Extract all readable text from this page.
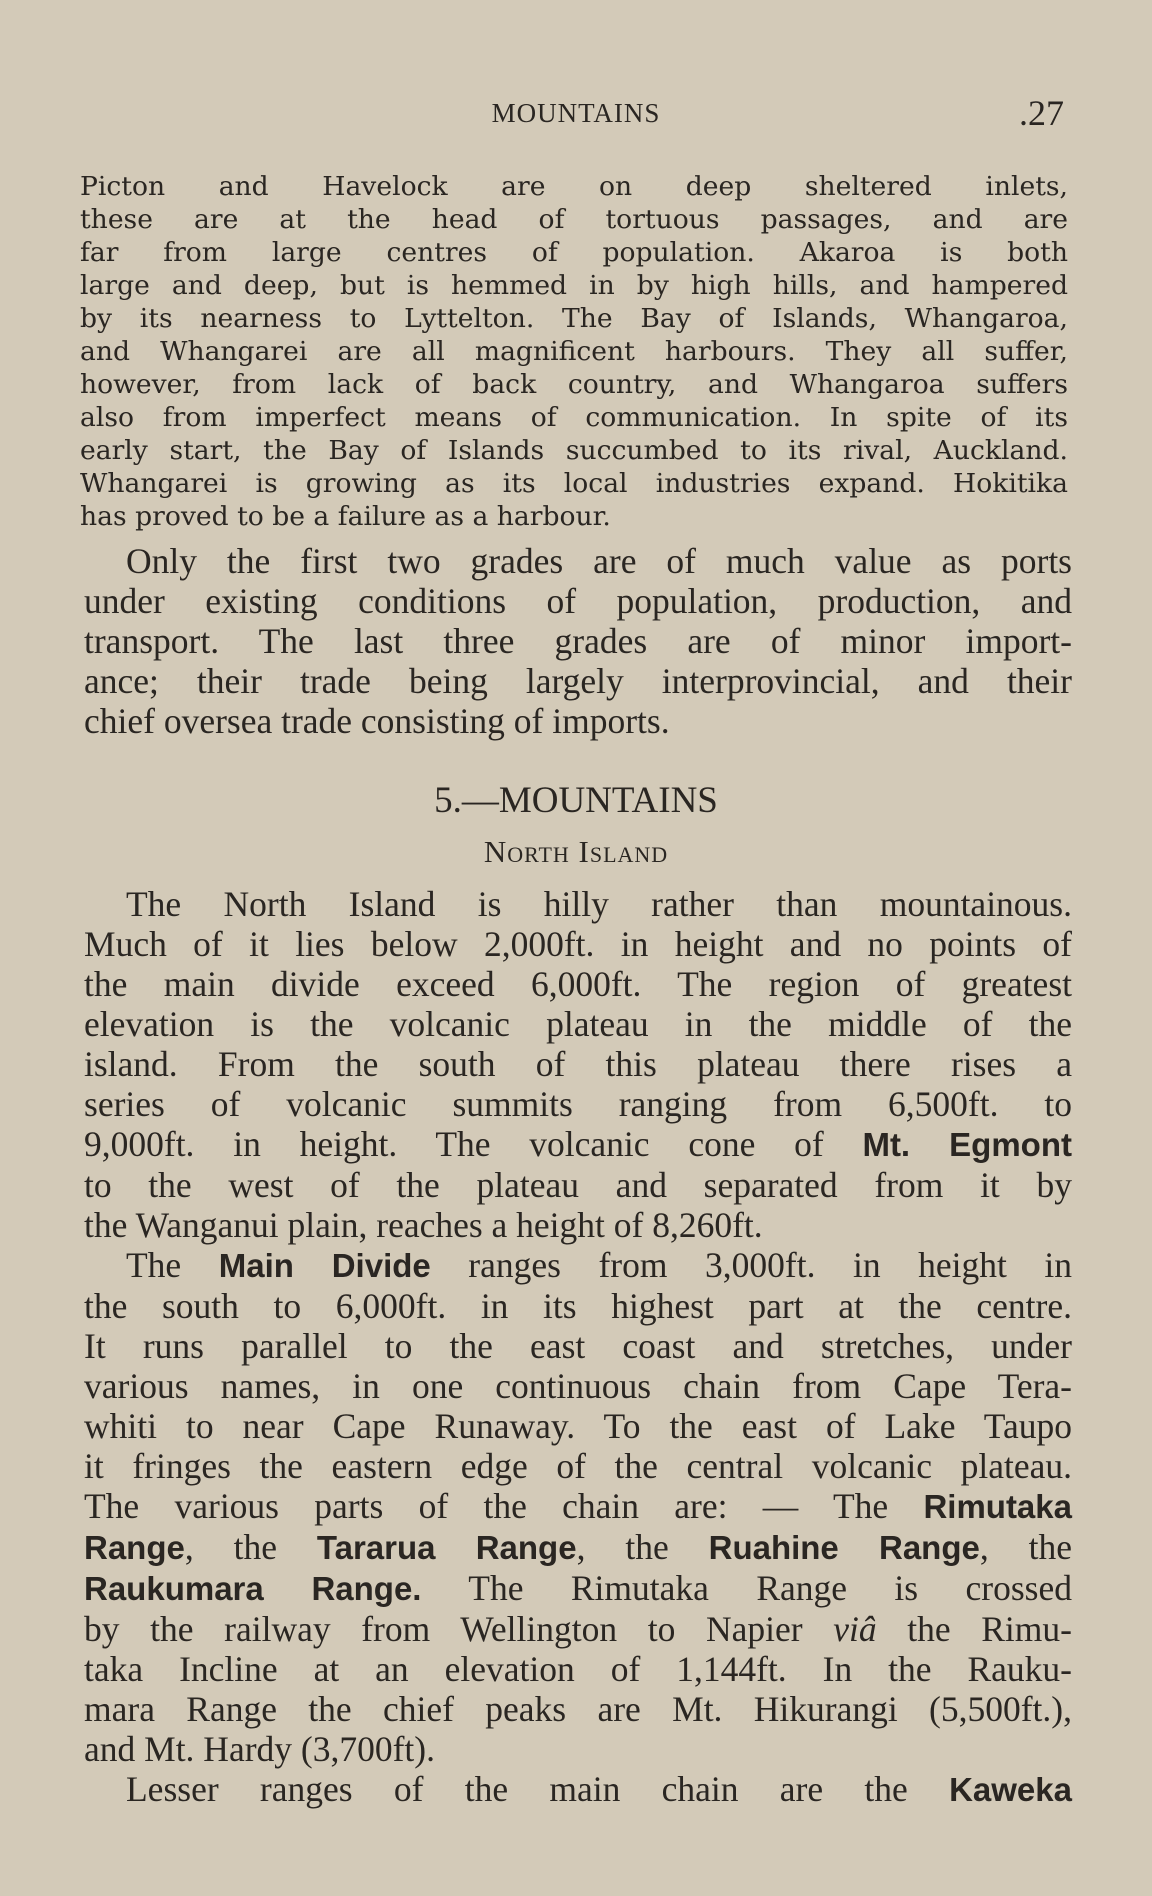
MOUNTAINS	.27
Picton and Havelock are on deep sheltered inlets,
these are at the head of tortuous passages, and are
far from large centres of population. Akaroa is both
large and deep, but is hemmed in by high hills, and hampered
by its nearness to Lyttelton. The Bay of Islands, Whangaroa,
and Whangarei are all magnificent harbours. They all suffer,
however, from lack of back country, and Whangaroa suffers
also from imperfect means of communication. In spite of its
early start, the Bay of Islands succumbed to its rival, Auckland.
Whangarei is growing as its local industries expand. Hokitika
has proved to be a failure as a harbour.
Only the first two grades are of much value as ports
under existing conditions of population, production, and
transport. The last three grades are of minor import-
ance; their trade being largely interprovincial, and their
chief oversea trade consisting of imports.
5.—MOUNTAINS
North Island
The North Island is hilly rather than mountainous.
Much of it lies below 2,000ft. in height and no points of
the main divide exceed 6,000ft. The region of greatest
elevation is the volcanic plateau in the middle of the
island. From the south of this plateau there rises a
series of volcanic summits ranging from 6,500ft. to
9,000ft. in height. The volcanic cone of Mt. Egmont
to the west of the plateau and separated from it by
the Wanganui plain, reaches a height of 8,260ft.
The Main Divide ranges from 3,000ft. in height in
the south to 6,000ft. in its highest part at the centre.
It runs parallel to the east coast and stretches, under
various names, in one continuous chain from Cape Tera-
whiti to near Cape Runaway. To the east of Lake Taupo
it fringes the eastern edge of the central volcanic plateau.
The various parts of the chain are: — The Rimutaka
Range, the Tararua Range, the Ruahine Range, the
Raukumara Range. The Rimutaka Range is crossed
by the railway from Wellington to Napier viâ the Rimu-
taka Incline at an elevation of 1,144ft. In the Rauku-
mara Range the chief peaks are Mt. Hikurangi (5,500ft.),
and Mt. Hardy (3,700ft).
Lesser ranges of the main chain are the Kaweka
